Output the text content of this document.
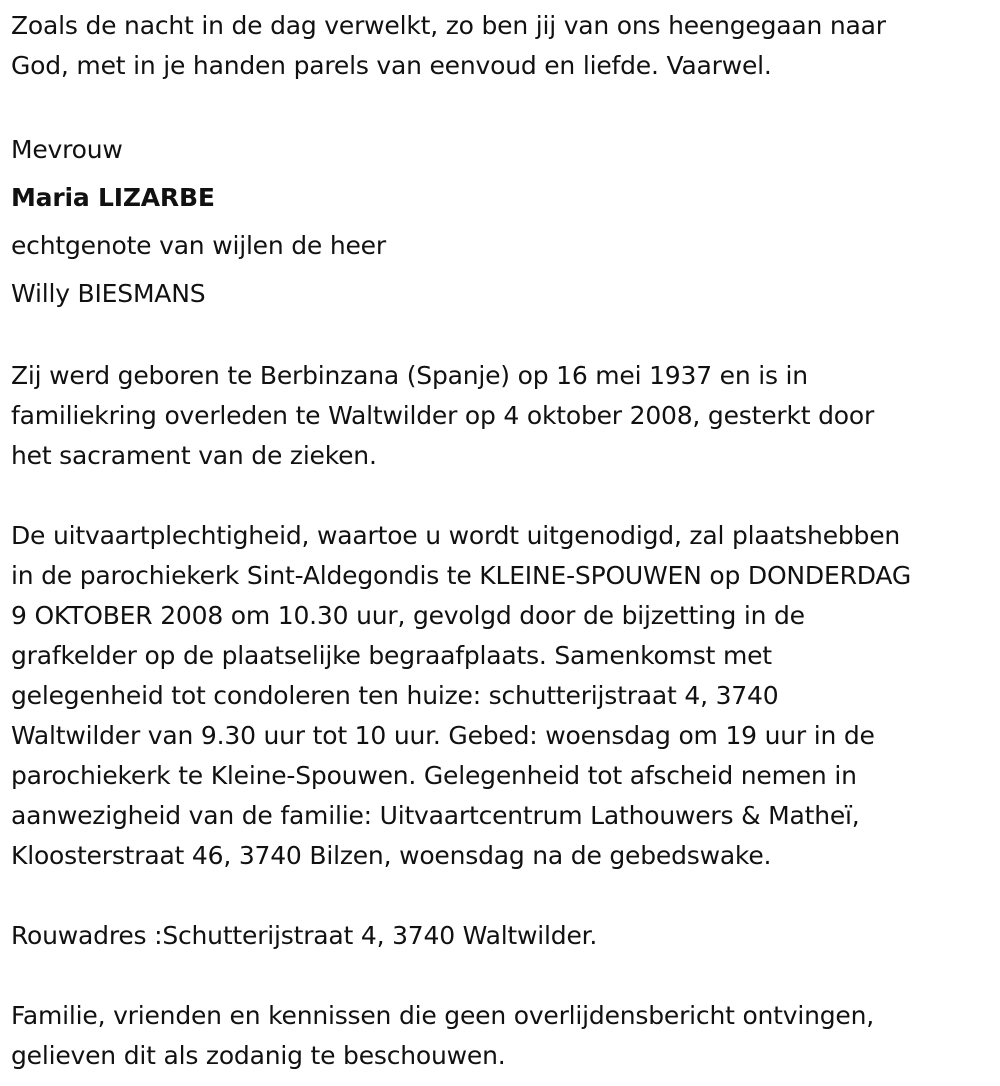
Zoals de nacht in de dag verwelkt, zo ben jij van ons heengegaan naar
God, met in je handen parels van eenvoud en liefde. Vaarwel.
Mevrouw
Maria LIZARBE
echtgenote van wijlen de heer
Willy BIESMANS
Zij werd geboren te Berbinzana (Spanje) op 16 mei 1937 en is in
familiekring overleden te Waltwilder op 4 oktober 2008, gesterkt door
het sacrament van de zieken.
De uitvaartplechtigheid, waartoe u wordt uitgenodigd, zal plaatshebben
in de parochiekerk Sint-Aldegondis te KLEINE-SPOUWEN op DONDERDAG
9 OKTOBER 2008 om 10.30 uur, gevolgd door de bijzetting in de
grafkelder op de plaatselijke begraafplaats. Samenkomst met
gelegenheid tot condoleren ten huize: schutterijstraat 4, 3740
Waltwilder van 9.30 uur tot 10 uur. Gebed: woensdag om 19 uur in de
parochiekerk te Kleine-Spouwen. Gelegenheid tot afscheid nemen in
aanwezigheid van de familie: Uitvaartcentrum Lathouwers & Matheï,
Kloosterstraat 46, 3740 Bilzen, woensdag na de gebedswake.
Rouwadres :Schutterijstraat 4, 3740 Waltwilder.
Familie, vrienden en kennissen die geen overlijdensbericht ontvingen,
gelieven dit als zodanig te beschouwen.
